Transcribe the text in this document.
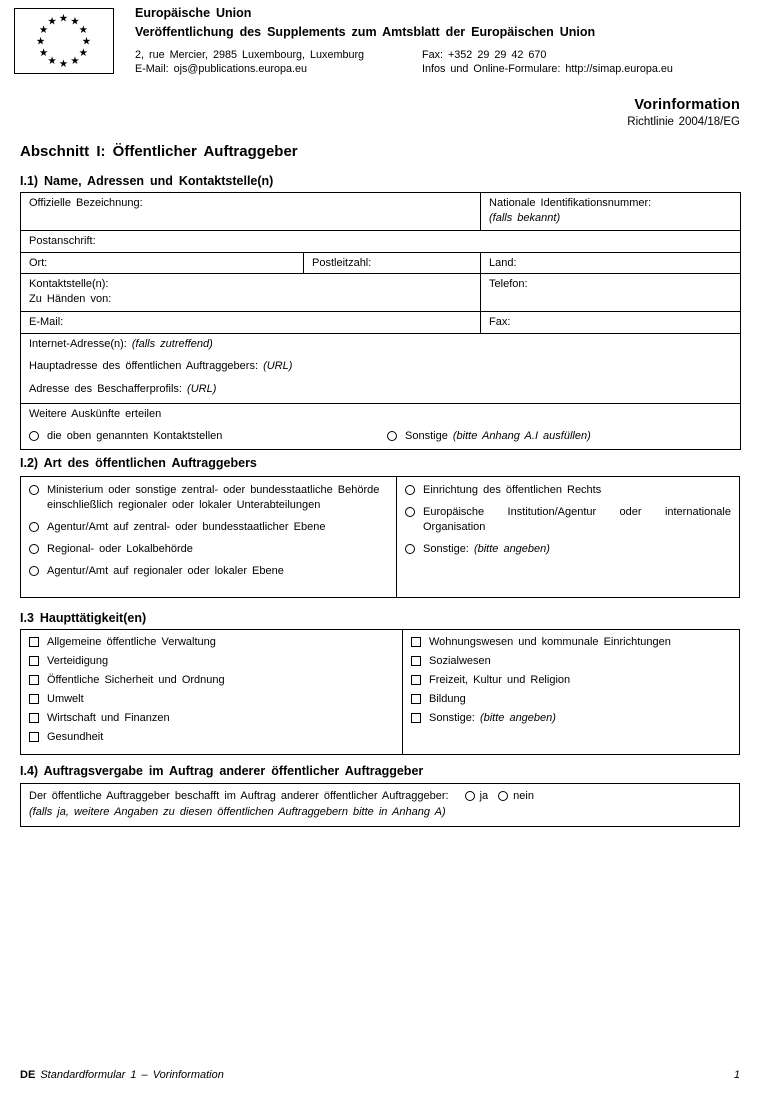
★ ★
★
★
★
★
★
★
★
★
★
★
Europäische Union
Veröffentlichung des Supplements zum Amtsblatt der Europäischen Union
2, rue Mercier, 2985 Luxembourg, Luxemburg
E-Mail: ojs@publications.europa.eu
Fax: +352 29 29 42 670
Infos und Online-Formulare: http://simap.europa.eu
Vorinformation
Richtlinie 2004/18/EG
Abschnitt I: Öffentlicher Auftraggeber
I.1) Name, Adressen und Kontaktstelle(n)
Offizielle Bezeichnung:		Nationale Identifikationsnummer:
(falls bekannt)

Postanschrift:		
Ort:	Postleitzahl:	Land:

Kontaktstelle(n):
Zu Händen von:		Telefon:
E-Mail:		Fax:

Internet-Adresse(n): (falls zutreffend)
Hauptadresse des öffentlichen Auftraggebers: (URL)
Adresse des Beschafferprofils: (URL)		

Weitere Auskünfte erteilen
die oben genannten Kontaktstellen Sonstige (bitte Anhang A.I ausfüllen)		
I.2) Art des öffentlichen Auftraggebers
Ministerium oder sonstige zentral- oder bundesstaatliche Behörde einschließlich regionaler oder lokaler Unterabteilungen
Agentur/Amt auf zentral- oder bundesstaatlicher Ebene
Regional- oder Lokalbehörde
Agentur/Amt auf regionaler oder lokaler Ebene
Einrichtung des öffentlichen Rechts
Europäische Institution/Agentur oder internationale Organisation
Sonstige: (bitte angeben)
I.3 Haupttätigkeit(en)
Allgemeine öffentliche Verwaltung
Verteidigung
Öffentliche Sicherheit und Ordnung
Umwelt
Wirtschaft und Finanzen
Gesundheit
Wohnungswesen und kommunale Einrichtungen
Sozialwesen
Freizeit, Kultur und Religion
Bildung
Sonstige: (bitte angeben)
I.4) Auftragsvergabe im Auftrag anderer öffentlicher Auftraggeber
Der öffentliche Auftraggeber beschafft im Auftrag anderer öffentlicher Auftraggeber:	ja nein
(falls ja, weitere Angaben zu diesen öffentlichen Auftraggebern bitte in Anhang A)
DE Standardformular 1 – Vorinformation	1
